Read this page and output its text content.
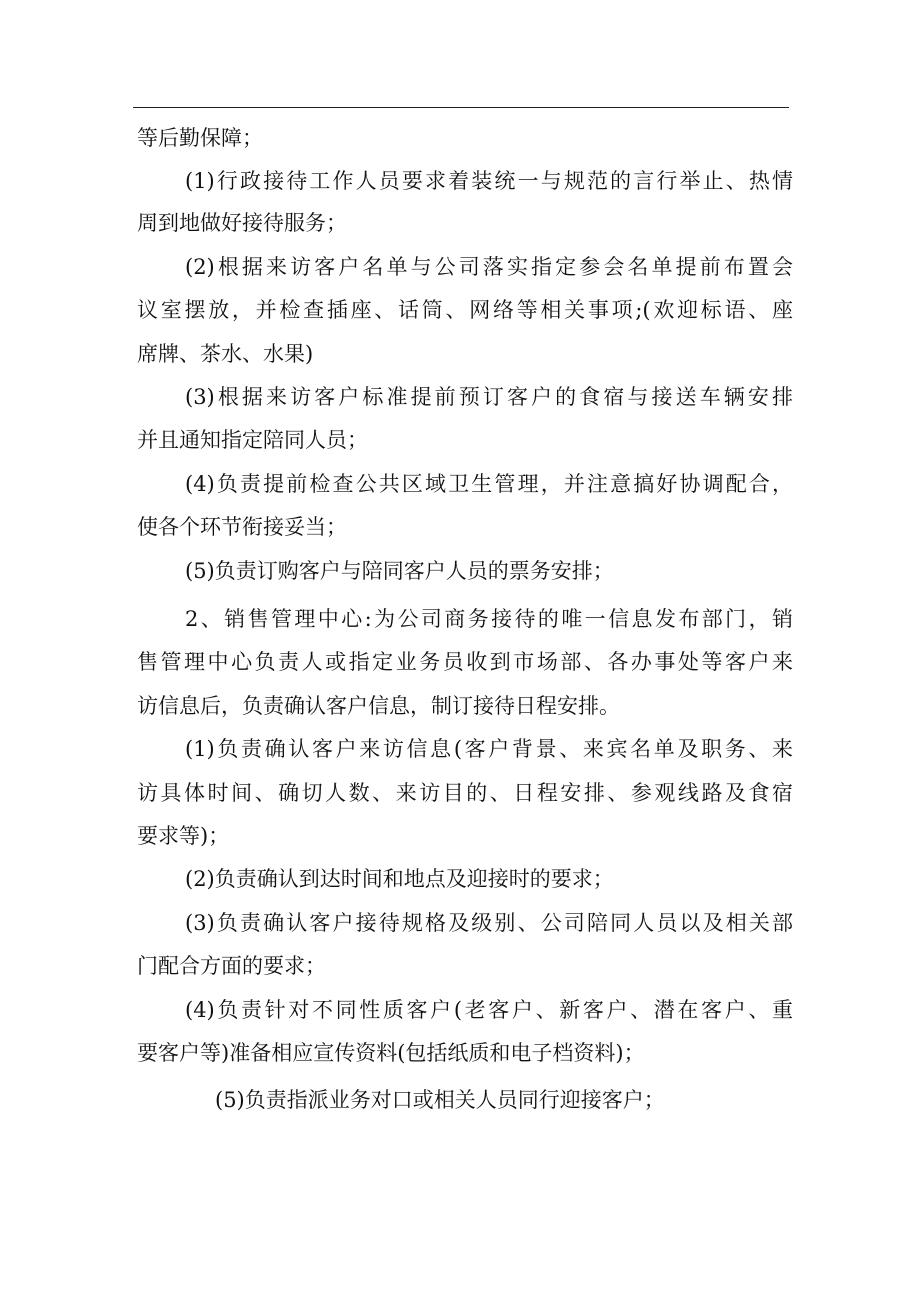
等后勤保障；
(1)行政接待工作人员要求着装统一与规范的言行举止、热情
周到地做好接待服务；
(2)根据来访客户名单与公司落实指定参会名单提前布置会
议室摆放，并检查插座、话筒、网络等相关事项;(欢迎标语、座
席牌、茶水、水果)
(3)根据来访客户标准提前预订客户的食宿与接送车辆安排
并且通知指定陪同人员；
(4)负责提前检查公共区域卫生管理，并注意搞好协调配合，
使各个环节衔接妥当；
(5)负责订购客户与陪同客户人员的票务安排；
2、销售管理中心:为公司商务接待的唯一信息发布部门，销
售管理中心负责人或指定业务员收到市场部、各办事处等客户来
访信息后，负责确认客户信息，制订接待日程安排。
(1)负责确认客户来访信息(客户背景、来宾名单及职务、来
访具体时间、确切人数、来访目的、日程安排、参观线路及食宿
要求等)；
(2)负责确认到达时间和地点及迎接时的要求；
(3)负责确认客户接待规格及级别、公司陪同人员以及相关部
门配合方面的要求；
(4)负责针对不同性质客户(老客户、新客户、潜在客户、重
要客户等)准备相应宣传资料(包括纸质和电子档资料)；
(5)负责指派业务对口或相关人员同行迎接客户；
